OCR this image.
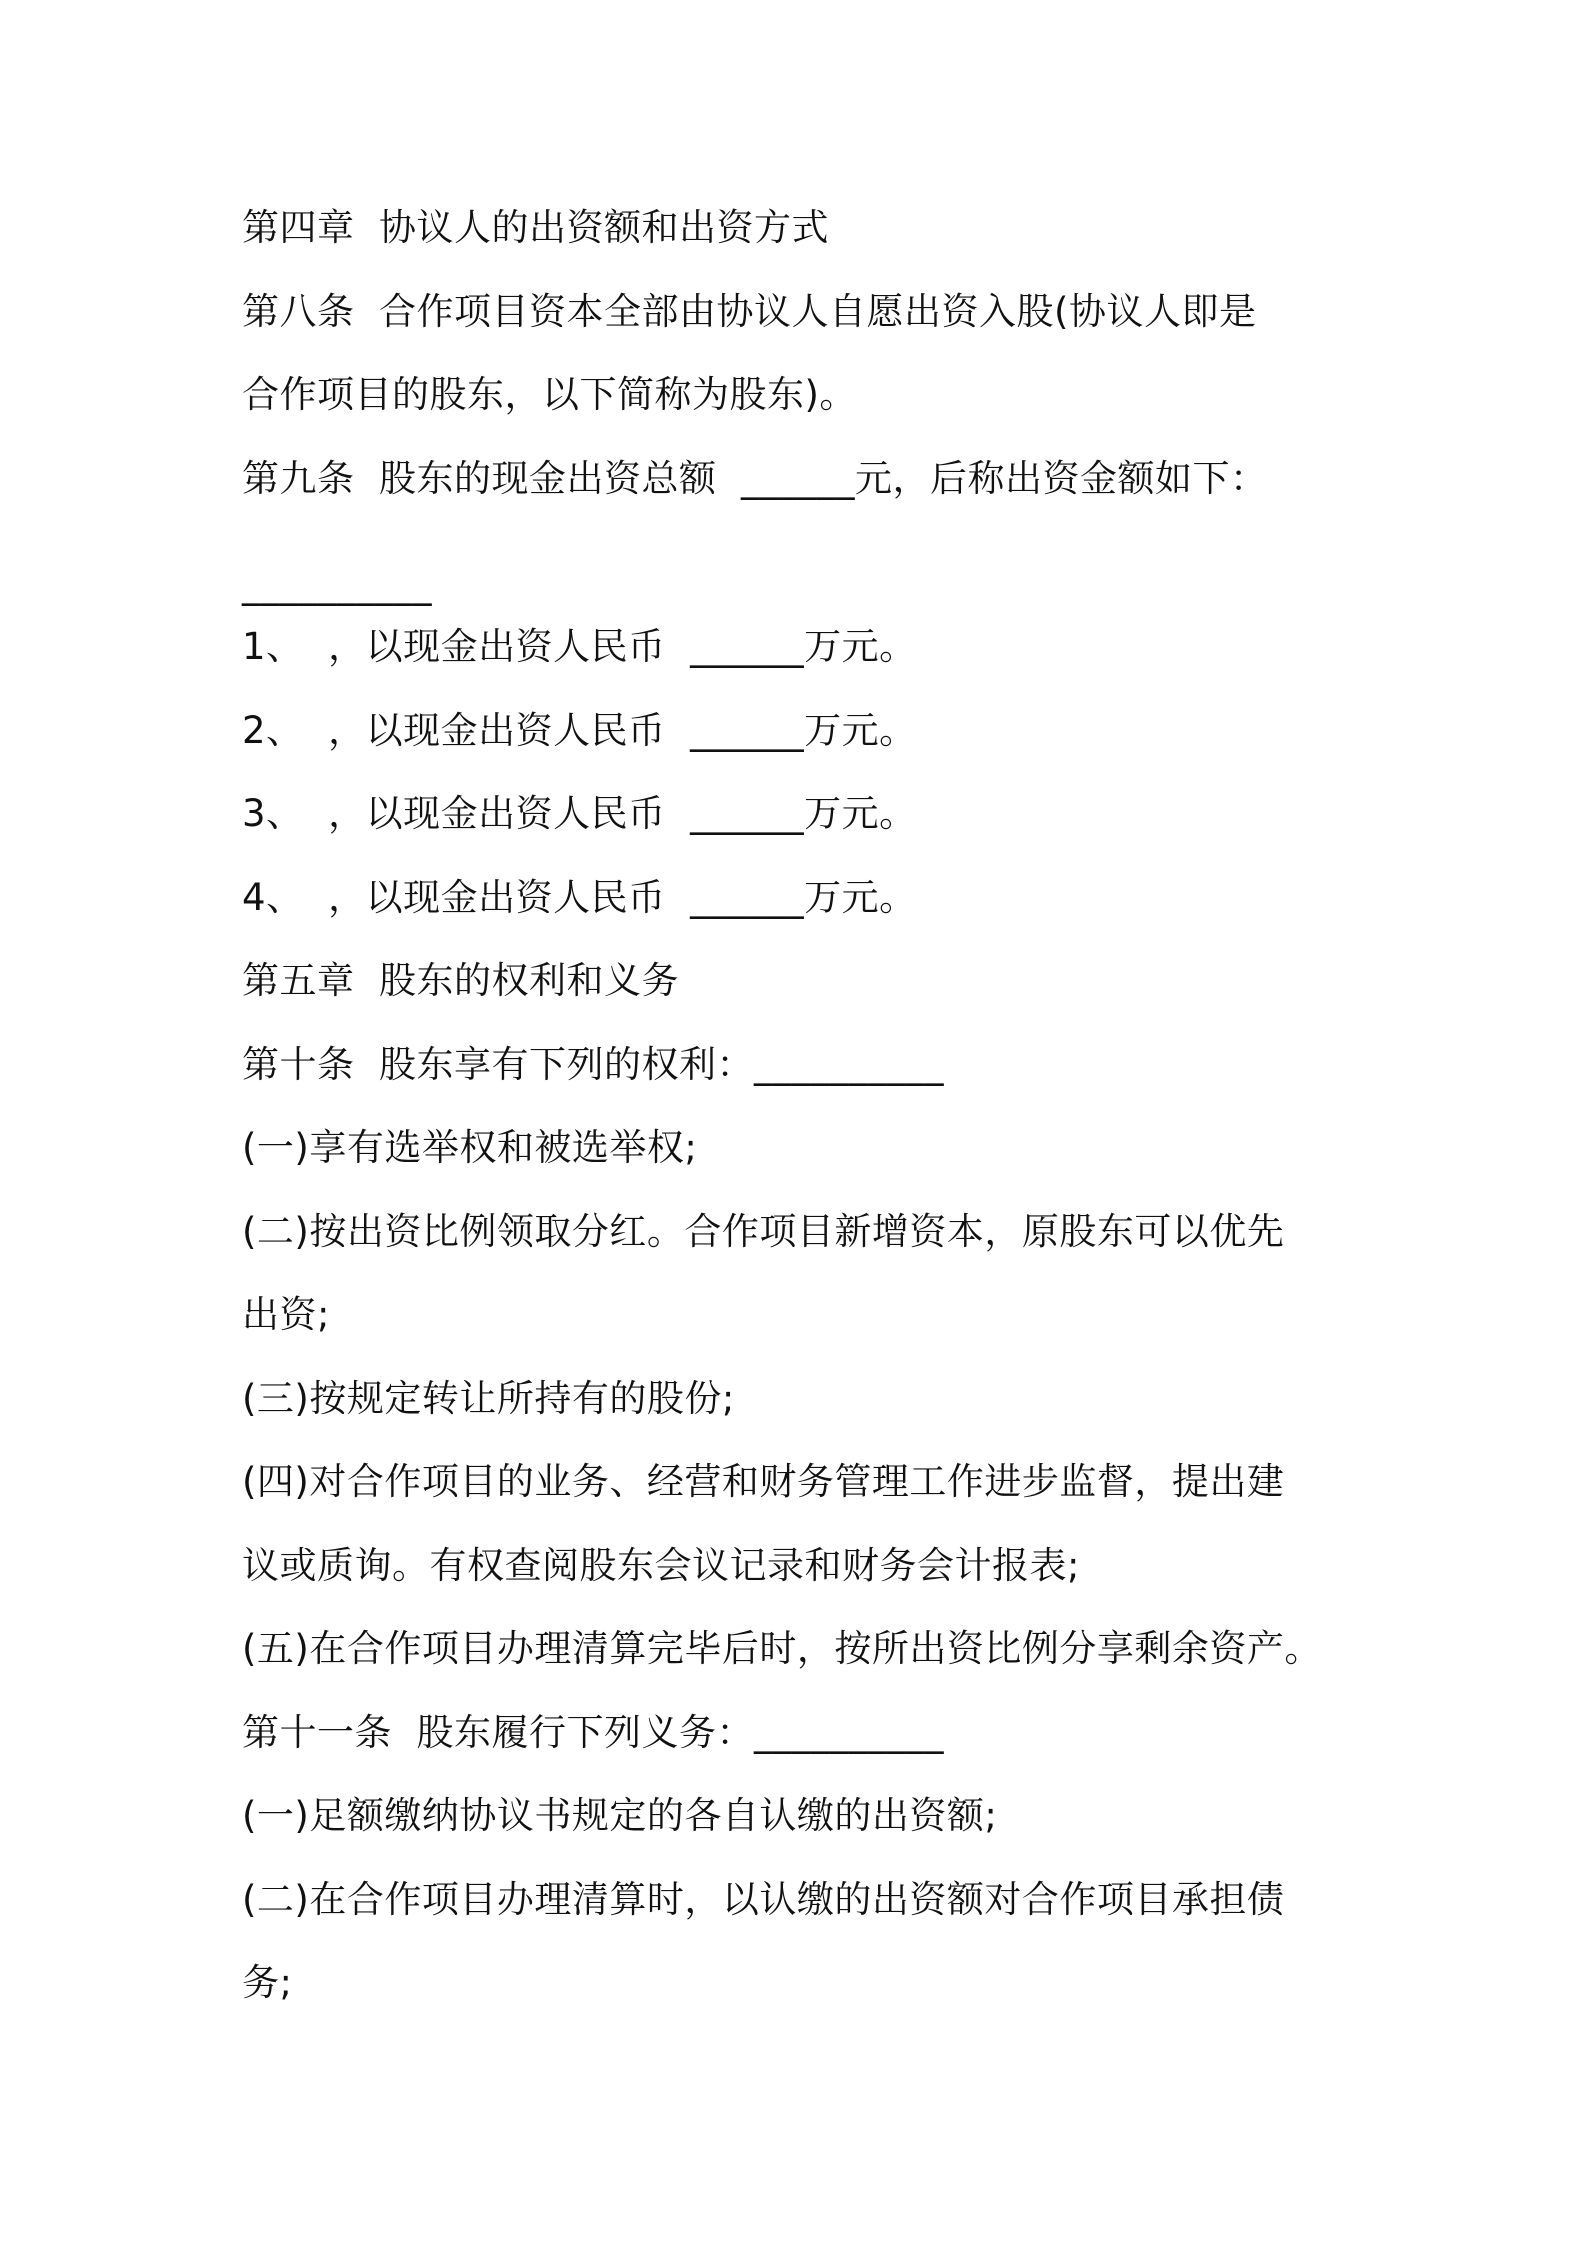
第四章  协议人的出资额和出资方式
第八条  合作项目资本全部由协议人自愿出资入股(协议人即是
合作项目的股东，以下简称为股东)。
第九条  股东的现金出资总额  ______元，后称出资金额如下：
__________
1、  ，以现金出资人民币  ______万元。
2、  ，以现金出资人民币  ______万元。
3、  ，以现金出资人民币  ______万元。
4、  ，以现金出资人民币  ______万元。
第五章  股东的权利和义务
第十条  股东享有下列的权利：__________
(一)享有选举权和被选举权;
(二)按出资比例领取分红。合作项目新增资本，原股东可以优先
出资;
(三)按规定转让所持有的股份;
(四)对合作项目的业务、经营和财务管理工作进步监督，提出建
议或质询。有权查阅股东会议记录和财务会计报表;
(五)在合作项目办理清算完毕后时，按所出资比例分享剩余资产。
第十一条  股东履行下列义务：__________
(一)足额缴纳协议书规定的各自认缴的出资额;
(二)在合作项目办理清算时，以认缴的出资额对合作项目承担债
务;
